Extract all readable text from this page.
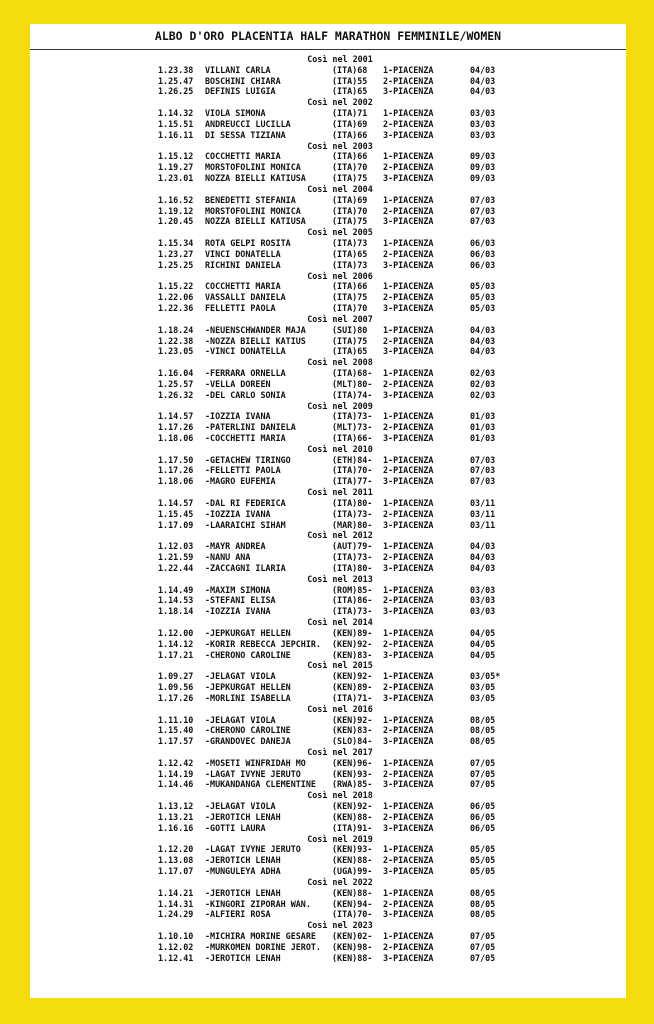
ALBO D'ORO PLACENTIA HALF MARATHON FEMMINILE/WOMEN
Così nel 2001
1.23.38 VILLANI CARLA	(ITA)68 1-PIACENZA	04/03
1.25.47 BOSCHINI CHIARA	(ITA)55 2-PIACENZA	04/03
1.26.25 DEFINIS LUIGIA	(ITA)65 3-PIACENZA	04/03
Così nel 2002
1.14.32 VIOLA SIMONA	(ITA)71 1-PIACENZA	03/03
1.15.51 ANDREUCCI LUCILLA	(ITA)69 2-PIACENZA	03/03
1.16.11 DI SESSA TIZIANA	(ITA)66 3-PIACENZA	03/03
Così nel 2003
1.15.12 COCCHETTI MARIA	(ITA)66 1-PIACENZA	09/03
1.19.27 MORSTOFOLINI MONICA	(ITA)70 2-PIACENZA	09/03
1.23.01 NOZZA BIELLI KATIUSA	(ITA)75 3-PIACENZA	09/03
Così nel 2004
1.16.52 BENEDETTI STEFANIA	(ITA)69 1-PIACENZA	07/03
1.19.12 MORSTOFOLINI MONICA	(ITA)70 2-PIACENZA	07/03
1.20.45 NOZZA BIELLI KATIUSA	(ITA)75 3-PIACENZA	07/03
Così nel 2005
1.15.34 ROTA GELPI ROSITA	(ITA)73 1-PIACENZA	06/03
1.23.27 VINCI DONATELLA	(ITA)65 2-PIACENZA	06/03
1.25.25 RICHINI DANIELA	(ITA)73 3-PIACENZA	06/03
Così nel 2006
1.15.22 COCCHETTI MARIA	(ITA)66 1-PIACENZA	05/03
1.22.06 VASSALLI DANIELA	(ITA)75 2-PIACENZA	05/03
1.22.36 FELLETTI PAOLA	(ITA)70 3-PIACENZA	05/03
Così nel 2007
1.18.24 -NEUENSCHWANDER MAJA	(SUI)80 1-PIACENZA	04/03
1.22.38 -NOZZA BIELLI KATIUS	(ITA)75 2-PIACENZA	04/03
1.23.05 -VINCI DONATELLA	(ITA)65 3-PIACENZA	04/03
Così nel 2008
1.16.04 -FERRARA ORNELLA	(ITA)68- 1-PIACENZA	02/03
1.25.57 -VELLA DOREEN	(MLT)80- 2-PIACENZA	02/03
1.26.32 -DEL CARLO SONIA	(ITA)74- 3-PIACENZA	02/03
Così nel 2009
1.14.57 -IOZZIA IVANA	(ITA)73- 1-PIACENZA	01/03
1.17.26 -PATERLINI DANIELA	(MLT)73- 2-PIACENZA	01/03
1.18.06 -COCCHETTI MARIA	(ITA)66- 3-PIACENZA	01/03
Così nel 2010
1.17.50 -GETACHEW TIRINGO	(ETH)84- 1-PIACENZA	07/03
1.17.26 -FELLETTI PAOLA	(ITA)70- 2-PIACENZA	07/03
1.18.06 -MAGRO EUFEMIA	(ITA)77- 3-PIACENZA	07/03
Così nel 2011
1.14.57 -DAL RI FEDERICA	(ITA)80- 1-PIACENZA	03/11
1.15.45 -IOZZIA IVANA	(ITA)73- 2-PIACENZA	03/11
1.17.09 -LAARAICHI SIHAM	(MAR)80- 3-PIACENZA	03/11
Così nel 2012
1.12.03 -MAYR ANDREA	(AUT)79- 1-PIACENZA	04/03
1.21.59 -NANU ANA	(ITA)73- 2-PIACENZA	04/03
1.22.44 -ZACCAGNI ILARIA	(ITA)80- 3-PIACENZA	04/03
Così nel 2013
1.14.49 -MAXIM SIMONA	(ROM)85- 1-PIACENZA	03/03
1.14.53 -STEFANI ELISA	(ITA)86- 2-PIACENZA	03/03
1.18.14 -IOZZIA IVANA	(ITA)73- 3-PIACENZA	03/03
Così nel 2014
1.12.00 -JEPKURGAT HELLEN	(KEN)89- 1-PIACENZA	04/05
1.14.12 -KORIR REBECCA JEPCHIR. (KEN)92- 2-PIACENZA	04/05
1.17.21 -CHERONO CAROLINE	(KEN)83- 3-PIACENZA	04/05
Così nel 2015
1.09.27 -JELAGAT VIOLA	(KEN)92- 1-PIACENZA	03/05*
1.09.56 -JEPKURGAT HELLEN	(KEN)89- 2-PIACENZA	03/05
1.17.26 -MORLINI ISABELLA	(ITA)71- 3-PIACENZA	03/05
Così nel 2016
1.11.10 -JELAGAT VIOLA	(KEN)92- 1-PIACENZA	08/05
1.15.40 -CHERONO CAROLINE	(KEN)83- 2-PIACENZA	08/05
1.17.57 -GRANDOVEC DANEJA	(SLO)84- 3-PIACENZA	08/05
Così nel 2017
1.12.42 -MOSETI WINFRIDAH MO	(KEN)96- 1-PIACENZA	07/05
1.14.19 -LAGAT IVYNE JERUTO	(KEN)93- 2-PIACENZA	07/05
1.14.46 -MUKANDANGA CLEMENTINE (RWA)85- 3-PIACENZA	07/05
Così nel 2018
1.13.12 -JELAGAT VIOLA	(KEN)92- 1-PIACENZA	06/05
1.13.21 -JEROTICH LENAH	(KEN)88- 2-PIACENZA	06/05
1.16.16 -GOTTI LAURA	(ITA)91- 3-PIACENZA	06/05
Così nel 2019
1.12.20 -LAGAT IVYNE JERUTO	(KEN)93- 1-PIACENZA	05/05
1.13.08 -JEROTICH LENAH	(KEN)88- 2-PIACENZA	05/05
1.17.07 -MUNGULEYA ADHA	(UGA)99- 3-PIACENZA	05/05
Così nel 2022
1.14.21 -JEROTICH LENAH	(KEN)88- 1-PIACENZA	08/05
1.14.31 -KINGORI ZIPORAH WAN.	(KEN)94- 2-PIACENZA	08/05
1.24.29 -ALFIERI ROSA	(ITA)70- 3-PIACENZA	08/05
Così nel 2023
1.10.10 -MICHIRA MORINE GESARE (KEN)02- 1-PIACENZA	07/05
1.12.02 -MURKOMEN DORINE JEROT. (KEN)98- 2-PIACENZA	07/05
1.12.41 -JEROTICH LENAH	(KEN)88- 3-PIACENZA	07/05
